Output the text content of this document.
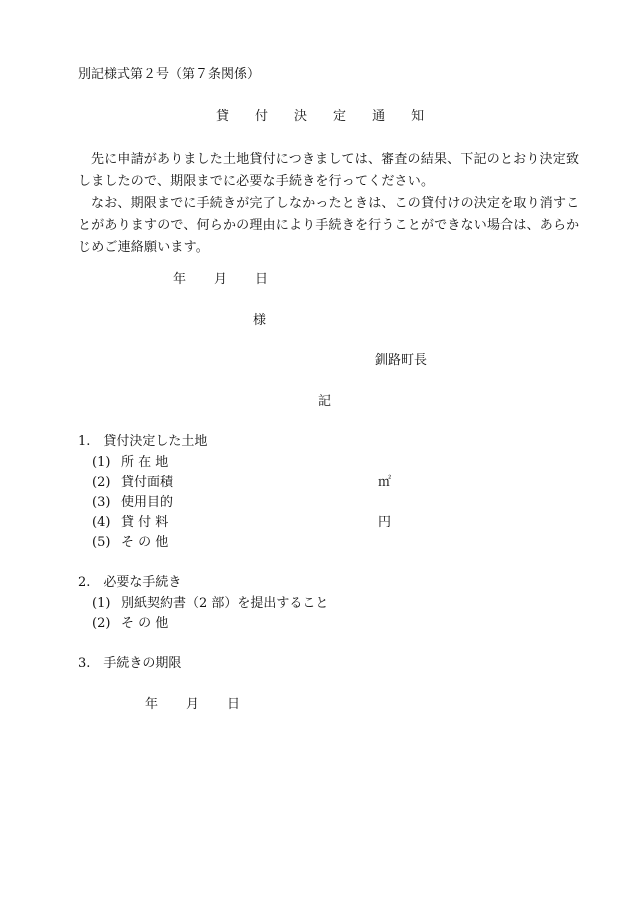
別記様式第２号（第７条関係）
貸 付 決 定 通 知
先に申請がありました土地貸付につきましては、審査の結果、下記のとおり決定致しましたので、期限までに必要な手続きを行ってください。
なお、期限までに手続きが完了しなかったときは、この貸付けの決定を取り消すことがありますので、何らかの理由により手続きを行うことができない場合は、あらかじめご連絡願います。
年 月 日
様
釧路町長
記
1.　貸付決定した土地
(1) 所 在 地
(2) 貸付面積	㎡
(3) 使用目的
(4) 貸 付 料	円
(5) そ の 他
2.　必要な手続き
(1) 別紙契約書（2 部）を提出すること
(2) そ の 他
3.　手続きの期限
年 月 日
